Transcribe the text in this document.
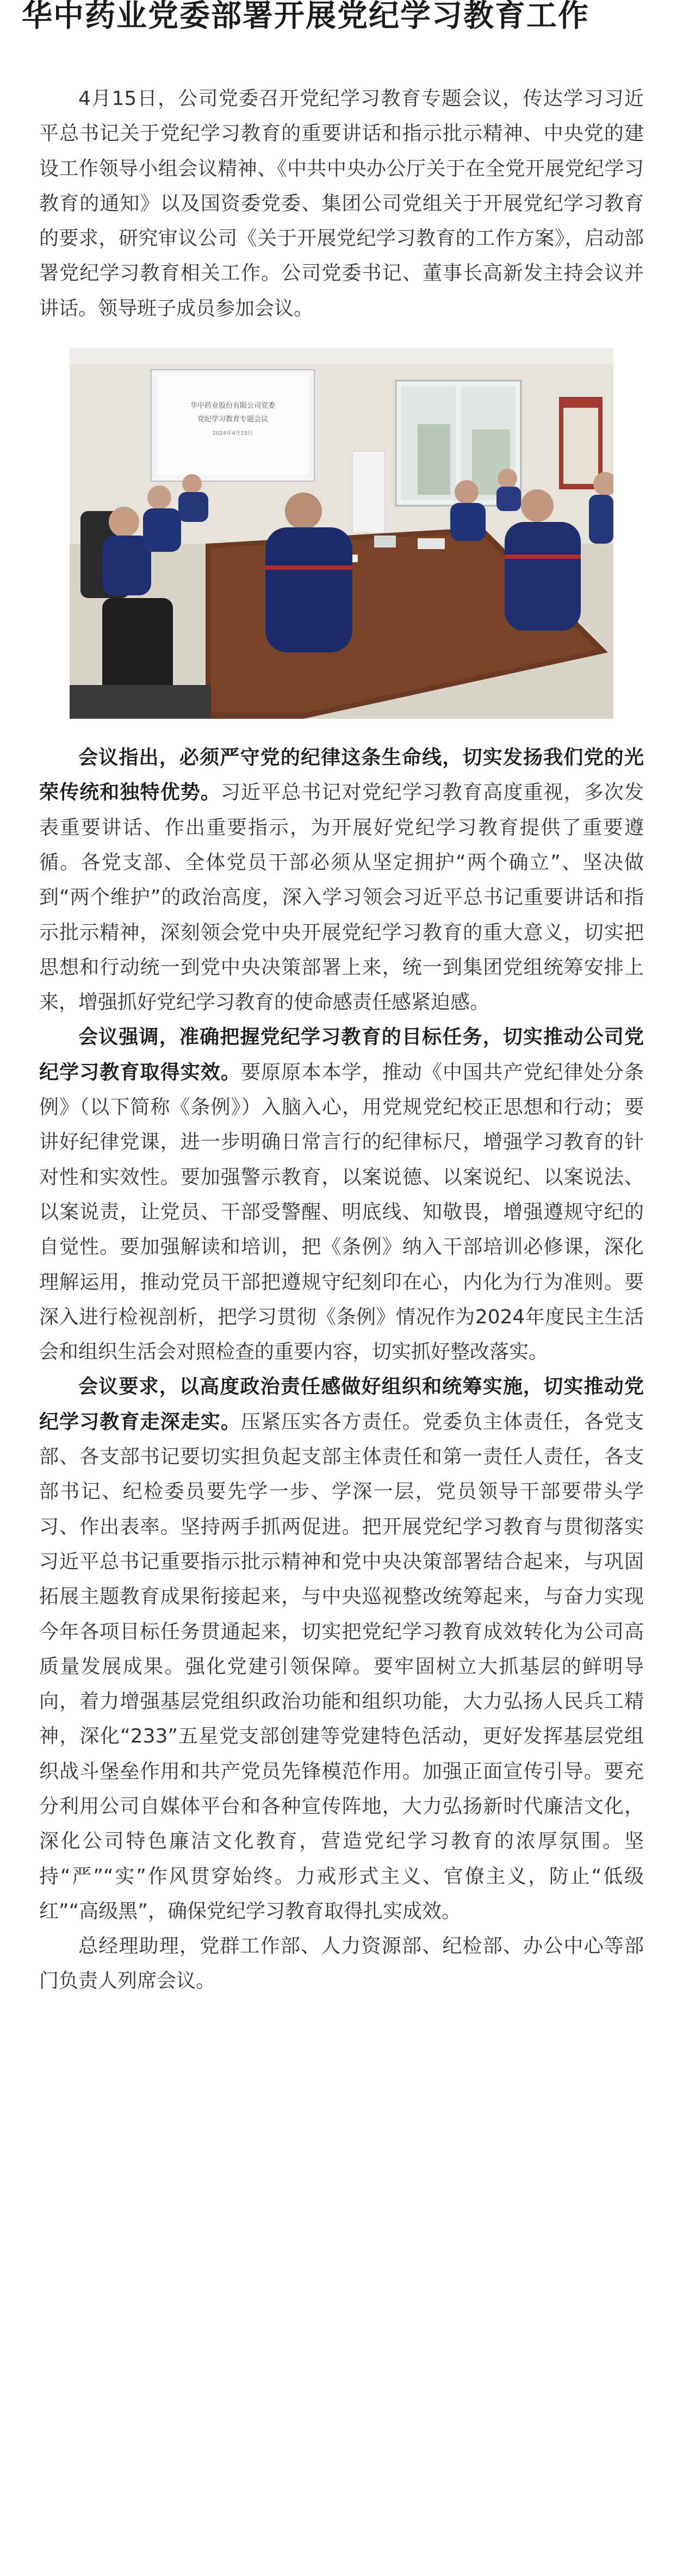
华中药业党委部署开展党纪学习教育工作

4月15日，公司党委召开党纪学习教育专题会议，传达学习习近平总书记关于党纪学习教育的重要讲话和指示批示精神、中央党的建设工作领导小组会议精神、《中共中央办公厅关于在全党开展党纪学习教育的通知》以及国资委党委、集团公司党组关于开展党纪学习教育的要求，研究审议公司《关于开展党纪学习教育的工作方案》，启动部署党纪学习教育相关工作。公司党委书记、董事长高新发主持会议并讲话。领导班子成员参加会议。

华中药业股份有限公司党委
党纪学习教育专题会议
2024年4月15日

会议指出，必须严守党的纪律这条生命线，切实发扬我们党的光荣传统和独特优势。习近平总书记对党纪学习教育高度重视，多次发表重要讲话、作出重要指示，为开展好党纪学习教育提供了重要遵循。各党支部、全体党员干部必须从坚定拥护“两个确立”、坚决做到“两个维护”的政治高度，深入学习领会习近平总书记重要讲话和指示批示精神，深刻领会党中央开展党纪学习教育的重大意义，切实把思想和行动统一到党中央决策部署上来，统一到集团党组统筹安排上来，增强抓好党纪学习教育的使命感责任感紧迫感。

会议强调，准确把握党纪学习教育的目标任务，切实推动公司党纪学习教育取得实效。要原原本本学，推动《中国共产党纪律处分条例》（以下简称《条例》）入脑入心，用党规党纪校正思想和行动；要讲好纪律党课，进一步明确日常言行的纪律标尺，增强学习教育的针对性和实效性。要加强警示教育，以案说德、以案说纪、以案说法、以案说责，让党员、干部受警醒、明底线、知敬畏，增强遵规守纪的自觉性。要加强解读和培训，把《条例》纳入干部培训必修课，深化理解运用，推动党员干部把遵规守纪刻印在心，内化为行为准则。要深入进行检视剖析，把学习贯彻《条例》情况作为2024年度民主生活会和组织生活会对照检查的重要内容，切实抓好整改落实。

会议要求，以高度政治责任感做好组织和统筹实施，切实推动党纪学习教育走深走实。压紧压实各方责任。党委负主体责任，各党支部、各支部书记要切实担负起支部主体责任和第一责任人责任，各支部书记、纪检委员要先学一步、学深一层，党员领导干部要带头学习、作出表率。坚持两手抓两促进。把开展党纪学习教育与贯彻落实习近平总书记重要指示批示精神和党中央决策部署结合起来，与巩固拓展主题教育成果衔接起来，与中央巡视整改统筹起来，与奋力实现今年各项目标任务贯通起来，切实把党纪学习教育成效转化为公司高质量发展成果。强化党建引领保障。要牢固树立大抓基层的鲜明导向，着力增强基层党组织政治功能和组织功能，大力弘扬人民兵工精神，深化“233”五星党支部创建等党建特色活动，更好发挥基层党组织战斗堡垒作用和共产党员先锋模范作用。加强正面宣传引导。要充分利用公司自媒体平台和各种宣传阵地，大力弘扬新时代廉洁文化，深化公司特色廉洁文化教育，营造党纪学习教育的浓厚氛围。坚持“严”“实”作风贯穿始终。力戒形式主义、官僚主义，防止“低级红”“高级黑”，确保党纪学习教育取得扎实成效。

总经理助理，党群工作部、人力资源部、纪检部、办公中心等部门负责人列席会议。
